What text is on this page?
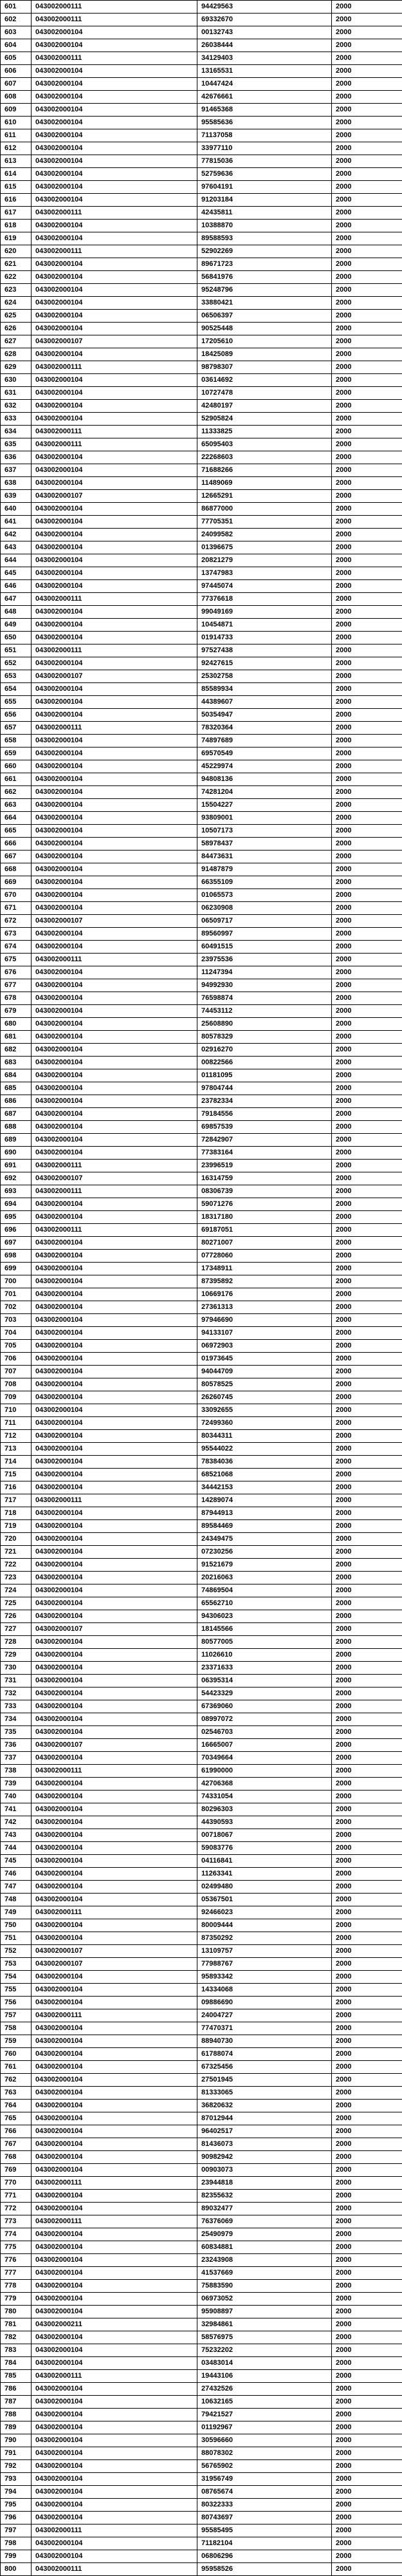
601	043002000111	94429563	2000
602	043002000111	69332670	2000
603	043002000104	00132743	2000
604	043002000104	26038444	2000
605	043002000111	34129403	2000
606	043002000104	13165531	2000
607	043002000104	10447424	2000
608	043002000104	42676661	2000
609	043002000104	91465368	2000
610	043002000104	95585636	2000
611	043002000104	71137058	2000
612	043002000104	33977110	2000
613	043002000104	77815036	2000
614	043002000104	52759636	2000
615	043002000104	97604191	2000
616	043002000104	91203184	2000
617	043002000111	42435811	2000
618	043002000104	10388870	2000
619	043002000104	89588593	2000
620	043002000111	52902269	2000
621	043002000104	89671723	2000
622	043002000104	56841976	2000
623	043002000104	95248796	2000
624	043002000104	33880421	2000
625	043002000104	06506397	2000
626	043002000104	90525448	2000
627	043002000107	17205610	2000
628	043002000104	18425089	2000
629	043002000111	98798307	2000
630	043002000104	03614692	2000
631	043002000104	10727478	2000
632	043002000104	42480197	2000
633	043002000104	52905824	2000
634	043002000111	11333825	2000
635	043002000111	65095403	2000
636	043002000104	22268603	2000
637	043002000104	71688266	2000
638	043002000104	11489069	2000
639	043002000107	12665291	2000
640	043002000104	86877000	2000
641	043002000104	77705351	2000
642	043002000104	24099582	2000
643	043002000104	01396675	2000
644	043002000104	20821279	2000
645	043002000104	13747983	2000
646	043002000104	97445074	2000
647	043002000111	77376618	2000
648	043002000104	99049169	2000
649	043002000104	10454871	2000
650	043002000104	01914733	2000
651	043002000111	97527438	2000
652	043002000104	92427615	2000
653	043002000107	25302758	2000
654	043002000104	85589934	2000
655	043002000104	44389607	2000
656	043002000104	50354947	2000
657	043002000111	78320364	2000
658	043002000104	74897689	2000
659	043002000104	69570549	2000
660	043002000104	45229974	2000
661	043002000104	94808136	2000
662	043002000104	74281204	2000
663	043002000104	15504227	2000
664	043002000104	93809001	2000
665	043002000104	10507173	2000
666	043002000104	58978437	2000
667	043002000104	84473631	2000
668	043002000104	91487879	2000
669	043002000104	66355109	2000
670	043002000104	01065573	2000
671	043002000104	06230908	2000
672	043002000107	06509717	2000
673	043002000104	89560997	2000
674	043002000104	60491515	2000
675	043002000111	23975536	2000
676	043002000104	11247394	2000
677	043002000104	94992930	2000
678	043002000104	76598874	2000
679	043002000104	74453112	2000
680	043002000104	25608890	2000
681	043002000104	80578329	2000
682	043002000104	02916270	2000
683	043002000104	00822566	2000
684	043002000104	01181095	2000
685	043002000104	97804744	2000
686	043002000104	23782334	2000
687	043002000104	79184556	2000
688	043002000104	69857539	2000
689	043002000104	72842907	2000
690	043002000104	77383164	2000
691	043002000111	23996519	2000
692	043002000107	16314759	2000
693	043002000111	08306739	2000
694	043002000104	59071276	2000
695	043002000104	18317180	2000
696	043002000111	69187051	2000
697	043002000104	80271007	2000
698	043002000104	07728060	2000
699	043002000104	17348911	2000
700	043002000104	87395892	2000
701	043002000104	10669176	2000
702	043002000104	27361313	2000
703	043002000104	97946690	2000
704	043002000104	94133107	2000
705	043002000104	06972903	2000
706	043002000104	01973645	2000
707	043002000104	94044709	2000
708	043002000104	80578525	2000
709	043002000104	26260745	2000
710	043002000104	33092655	2000
711	043002000104	72499360	2000
712	043002000104	80344311	2000
713	043002000104	95544022	2000
714	043002000104	78384036	2000
715	043002000104	68521068	2000
716	043002000104	34442153	2000
717	043002000111	14289074	2000
718	043002000104	87944913	2000
719	043002000104	89584469	2000
720	043002000104	24349475	2000
721	043002000104	07230256	2000
722	043002000104	91521679	2000
723	043002000104	20216063	2000
724	043002000104	74869504	2000
725	043002000104	65562710	2000
726	043002000104	94306023	2000
727	043002000107	18145566	2000
728	043002000104	80577005	2000
729	043002000104	11026610	2000
730	043002000104	23371633	2000
731	043002000104	06395314	2000
732	043002000104	54423329	2000
733	043002000104	67369060	2000
734	043002000104	08997072	2000
735	043002000104	02546703	2000
736	043002000107	16665007	2000
737	043002000104	70349664	2000
738	043002000111	61990000	2000
739	043002000104	42706368	2000
740	043002000104	74331054	2000
741	043002000104	80296303	2000
742	043002000104	44390593	2000
743	043002000104	00718067	2000
744	043002000104	59083776	2000
745	043002000104	04116841	2000
746	043002000104	11263341	2000
747	043002000104	02499480	2000
748	043002000104	05367501	2000
749	043002000111	92466023	2000
750	043002000104	80009444	2000
751	043002000104	87350292	2000
752	043002000107	13109757	2000
753	043002000107	77988767	2000
754	043002000104	95893342	2000
755	043002000104	14334068	2000
756	043002000104	09886690	2000
757	043002000111	24004727	2000
758	043002000104	77470371	2000
759	043002000104	88940730	2000
760	043002000104	61788074	2000
761	043002000104	67325456	2000
762	043002000104	27501945	2000
763	043002000104	81333065	2000
764	043002000104	36820632	2000
765	043002000104	87012944	2000
766	043002000104	96402517	2000
767	043002000104	81436073	2000
768	043002000104	90982942	2000
769	043002000104	00903073	2000
770	043002000111	23944818	2000
771	043002000104	82355632	2000
772	043002000104	89032477	2000
773	043002000111	76376069	2000
774	043002000104	25490979	2000
775	043002000104	60834881	2000
776	043002000104	23243908	2000
777	043002000104	41537669	2000
778	043002000104	75883590	2000
779	043002000104	06973052	2000
780	043002000104	95908897	2000
781	043002000211	32984861	2000
782	043002000104	58576975	2000
783	043002000104	75232202	2000
784	043002000104	03483014	2000
785	043002000111	19443106	2000
786	043002000104	27432526	2000
787	043002000104	10632165	2000
788	043002000104	79421527	2000
789	043002000104	01192967	2000
790	043002000104	30596660	2000
791	043002000104	88078302	2000
792	043002000104	56765902	2000
793	043002000104	31956749	2000
794	043002000104	08765674	2000
795	043002000104	80322333	2000
796	043002000104	80743697	2000
797	043002000111	95585495	2000
798	043002000104	71182104	2000
799	043002000104	06806296	2000
800	043002000111	95958526	2000
